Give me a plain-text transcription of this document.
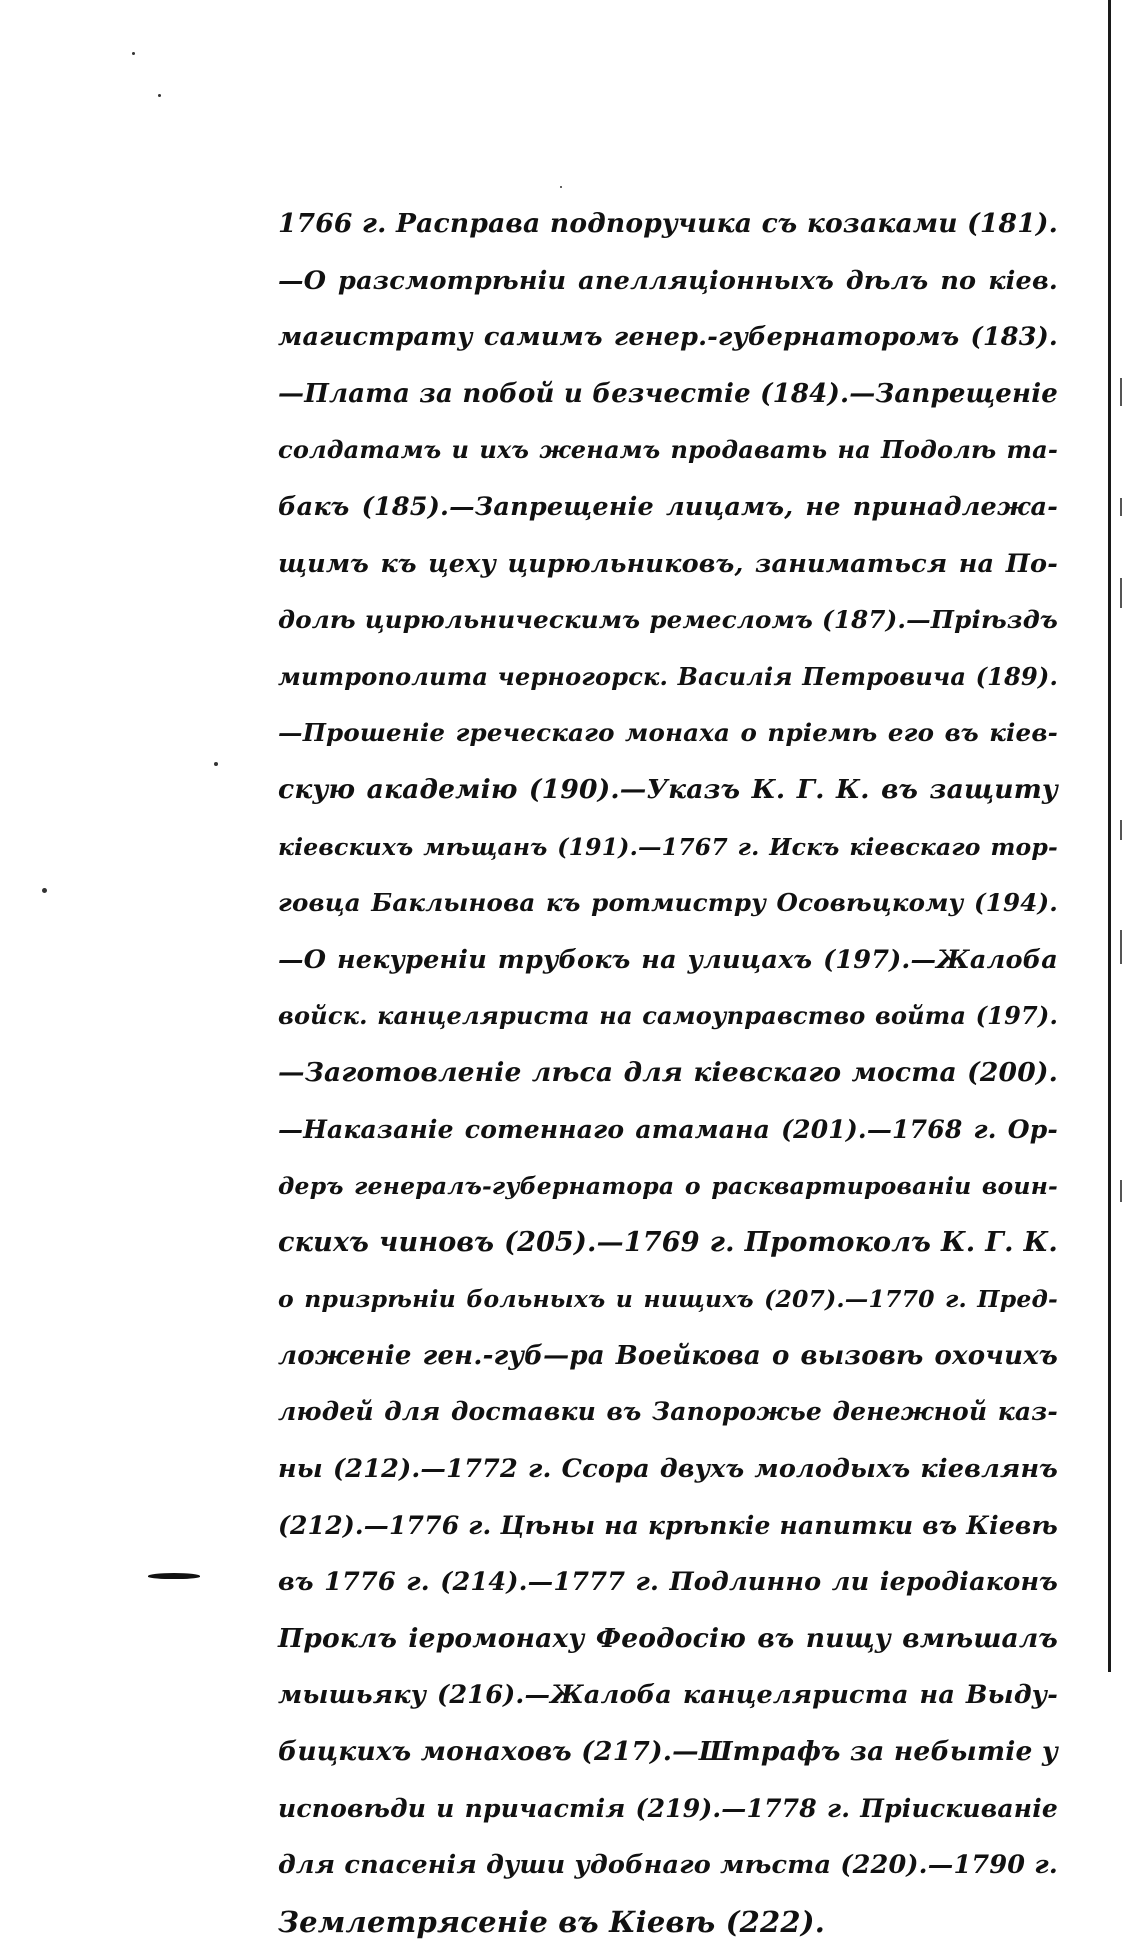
1766 г. Расправа подпоручика съ козаками (181).
—О разсмотрѣніи апелляціонныхъ дѣлъ по кіев.
магистрату самимъ генер.-губернаторомъ (183).
—Плата за побой и безчестіе (184).—Запрещеніе
солдатамъ и ихъ женамъ продавать на Подолѣ та-
бакъ (185).—Запрещеніе лицамъ, не принадлежа-
щимъ къ цеху цирюльниковъ, заниматься на По-
долѣ цирюльническимъ ремесломъ (187).—Пріѣздъ
митрополита черногорск. Василія Петровича (189).
—Прошеніе греческаго монаха о пріемѣ его въ кіев-
скую академію (190).—Указъ К. Г. К. въ защиту
кіевскихъ мѣщанъ (191).—1767 г. Искъ кіевскаго тор-
говца Баклынова къ ротмистру Осовѣцкому (194).
—О некуреніи трубокъ на улицахъ (197).—Жалоба
войск. канцеляриста на самоуправство войта (197).
—Заготовленіе лѣса для кіевскаго моста (200).
—Наказаніе сотеннаго атамана (201).—1768 г. Ор-
деръ генералъ-губернатора о расквартированіи воин-
скихъ чиновъ (205).—1769 г. Протоколъ К. Г. К.
о призрѣніи больныхъ и нищихъ (207).—1770 г. Пред-
ложеніе ген.-губ—ра Воейкова о вызовѣ охочихъ
людей для доставки въ Запорожье денежной каз-
ны (212).—1772 г. Ссора двухъ молодыхъ кіевлянъ
(212).—1776 г. Цѣны на крѣпкіе напитки въ Кіевѣ
въ 1776 г. (214).—1777 г. Подлинно ли іеродіаконъ
Проклъ іеромонаху Феодосію въ пищу вмѣшалъ
мышьяку (216).—Жалоба канцеляриста на Выду-
бицкихъ монаховъ (217).—Штрафъ за небытіе у
исповѣди и причастія (219).—1778 г. Пріискиваніе
для спасенія души удобнаго мѣста (220).—1790 г.
Землетрясеніе въ Кіевѣ (222).
